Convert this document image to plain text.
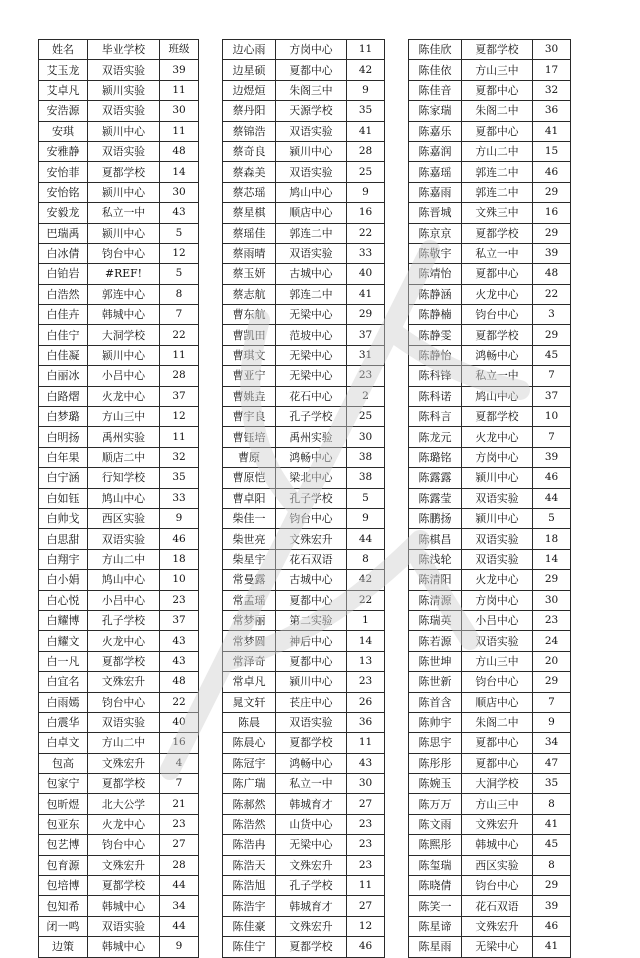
姓名	毕业学校	班级
艾玉龙	双语实验	39
艾卓凡	颍川实验	11
安浩源	双语实验	30
安琪	颍川中心	11
安雅静	双语实验	48
安怡菲	夏都学校	14
安怡铭	颍川中心	30
安毅龙	私立一中	43
巴瑞禹	颍川中心	5
白冰倩	钧台中心	12
白铂岩	#REF!	5
白浩然	郭连中心	8
白佳卉	韩城中心	7
白佳宁	大洞学校	22
白佳凝	颍川中心	11
白丽冰	小吕中心	28
白路熠	火龙中心	37
白梦璐	方山三中	12
白明扬	禹州实验	11
白年果	顺店二中	32
白宁涵	行知学校	35
白如钰	鸠山中心	33
白帅戈	西区实验	9
白思甜	双语实验	46
白翔宇	方山二中	18
白小娟	鸠山中心	10
白心悦	小吕中心	23
白耀博	孔子学校	37
白耀文	火龙中心	43
白一凡	夏都学校	43
白宜名	文殊宏升	48
白雨嫣	钧台中心	22
白震华	双语实验	40
白卓文	方山二中	16
包高	文殊宏升	4
包家宁	夏都学校	7
包昕煜	北大公学	21
包亚东	火龙中心	23
包艺博	钧台中心	27
包育源	文殊宏升	28
包培博	夏都学校	44
包知希	韩城中心	34
闭一鸣	双语实验	44
边策	韩城中心	9
边心雨	方岗中心	11
边星硕	夏都中心	42
边煜烜	朱阁三中	9
蔡丹阳	天源学校	35
蔡锦浩	双语实验	41
蔡奇良	颍川中心	28
蔡森美	双语实验	25
蔡芯瑶	鸠山中心	9
蔡星棋	顺店中心	16
蔡瑶佳	郭连二中	22
蔡雨晴	双语实验	33
蔡玉妍	古城中心	40
蔡志航	郭连二中	41
曹东航	无梁中心	29
曹凯田	范坡中心	37
曹琪文	无梁中心	31
曹亚宁	无梁中心	23
曹姚垚	花石中心	2
曹宇良	孔子学校	25
曹钰培	禹州实验	30
曹原	鸿畅中心	38
曹原恺	梁北中心	38
曹卓阳	孔子学校	5
柴佳一	钧台中心	9
柴世亮	文殊宏升	44
柴星宇	花石双语	8
常曼露	古城中心	42
常孟瑶	夏都中心	22
常梦丽	第二实验	1
常梦圆	神后中心	14
常泽奇	夏都中心	13
常卓凡	颍川中心	23
晁文轩	苌庄中心	26
陈晨	双语实验	36
陈晨心	夏都学校	11
陈冠宇	鸿畅中心	43
陈广瑞	私立一中	30
陈郝然	韩城育才	27
陈浩然	山货中心	23
陈浩冉	无梁中心	23
陈浩天	文殊宏升	23
陈浩旭	孔子学校	11
陈浩宇	韩城育才	27
陈佳豪	文殊宏升	12
陈佳宁	夏都学校	46
陈佳欣	夏都学校	30
陈佳依	方山三中	17
陈佳音	夏都中心	32
陈家瑞	朱阁二中	36
陈嘉乐	夏都中心	41
陈嘉润	方山二中	15
陈嘉瑶	郭连二中	46
陈嘉雨	郭连二中	29
陈晋城	文殊三中	16
陈京京	夏都学校	29
陈敬宇	私立一中	39
陈靖怡	夏都中心	48
陈静涵	火龙中心	22
陈静楠	钧台中心	3
陈静雯	夏都学校	29
陈静怡	鸿畅中心	45
陈科锋	私立一中	7
陈科诺	鸠山中心	37
陈科言	夏都学校	10
陈龙元	火龙中心	7
陈璐铭	方岗中心	39
陈露露	颍川中心	46
陈露莹	双语实验	44
陈鹏扬	颍川中心	5
陈棋昌	双语实验	18
陈浅轮	双语实验	14
陈清阳	火龙中心	29
陈清源	方岗中心	30
陈瑞英	小吕中心	23
陈若源	双语实验	24
陈世坤	方山三中	20
陈世新	钧台中心	29
陈首含	顺店中心	7
陈帅宇	朱阁二中	9
陈思宇	夏都中心	34
陈彤彤	夏都中心	47
陈婉玉	大洞学校	35
陈万万	方山三中	8
陈文雨	文殊宏升	41
陈熙彤	韩城中心	45
陈玺瑞	西区实验	8
陈晓倩	钧台中心	29
陈笑一	花石双语	39
陈星谛	文殊宏升	46
陈星雨	无梁中心	41
